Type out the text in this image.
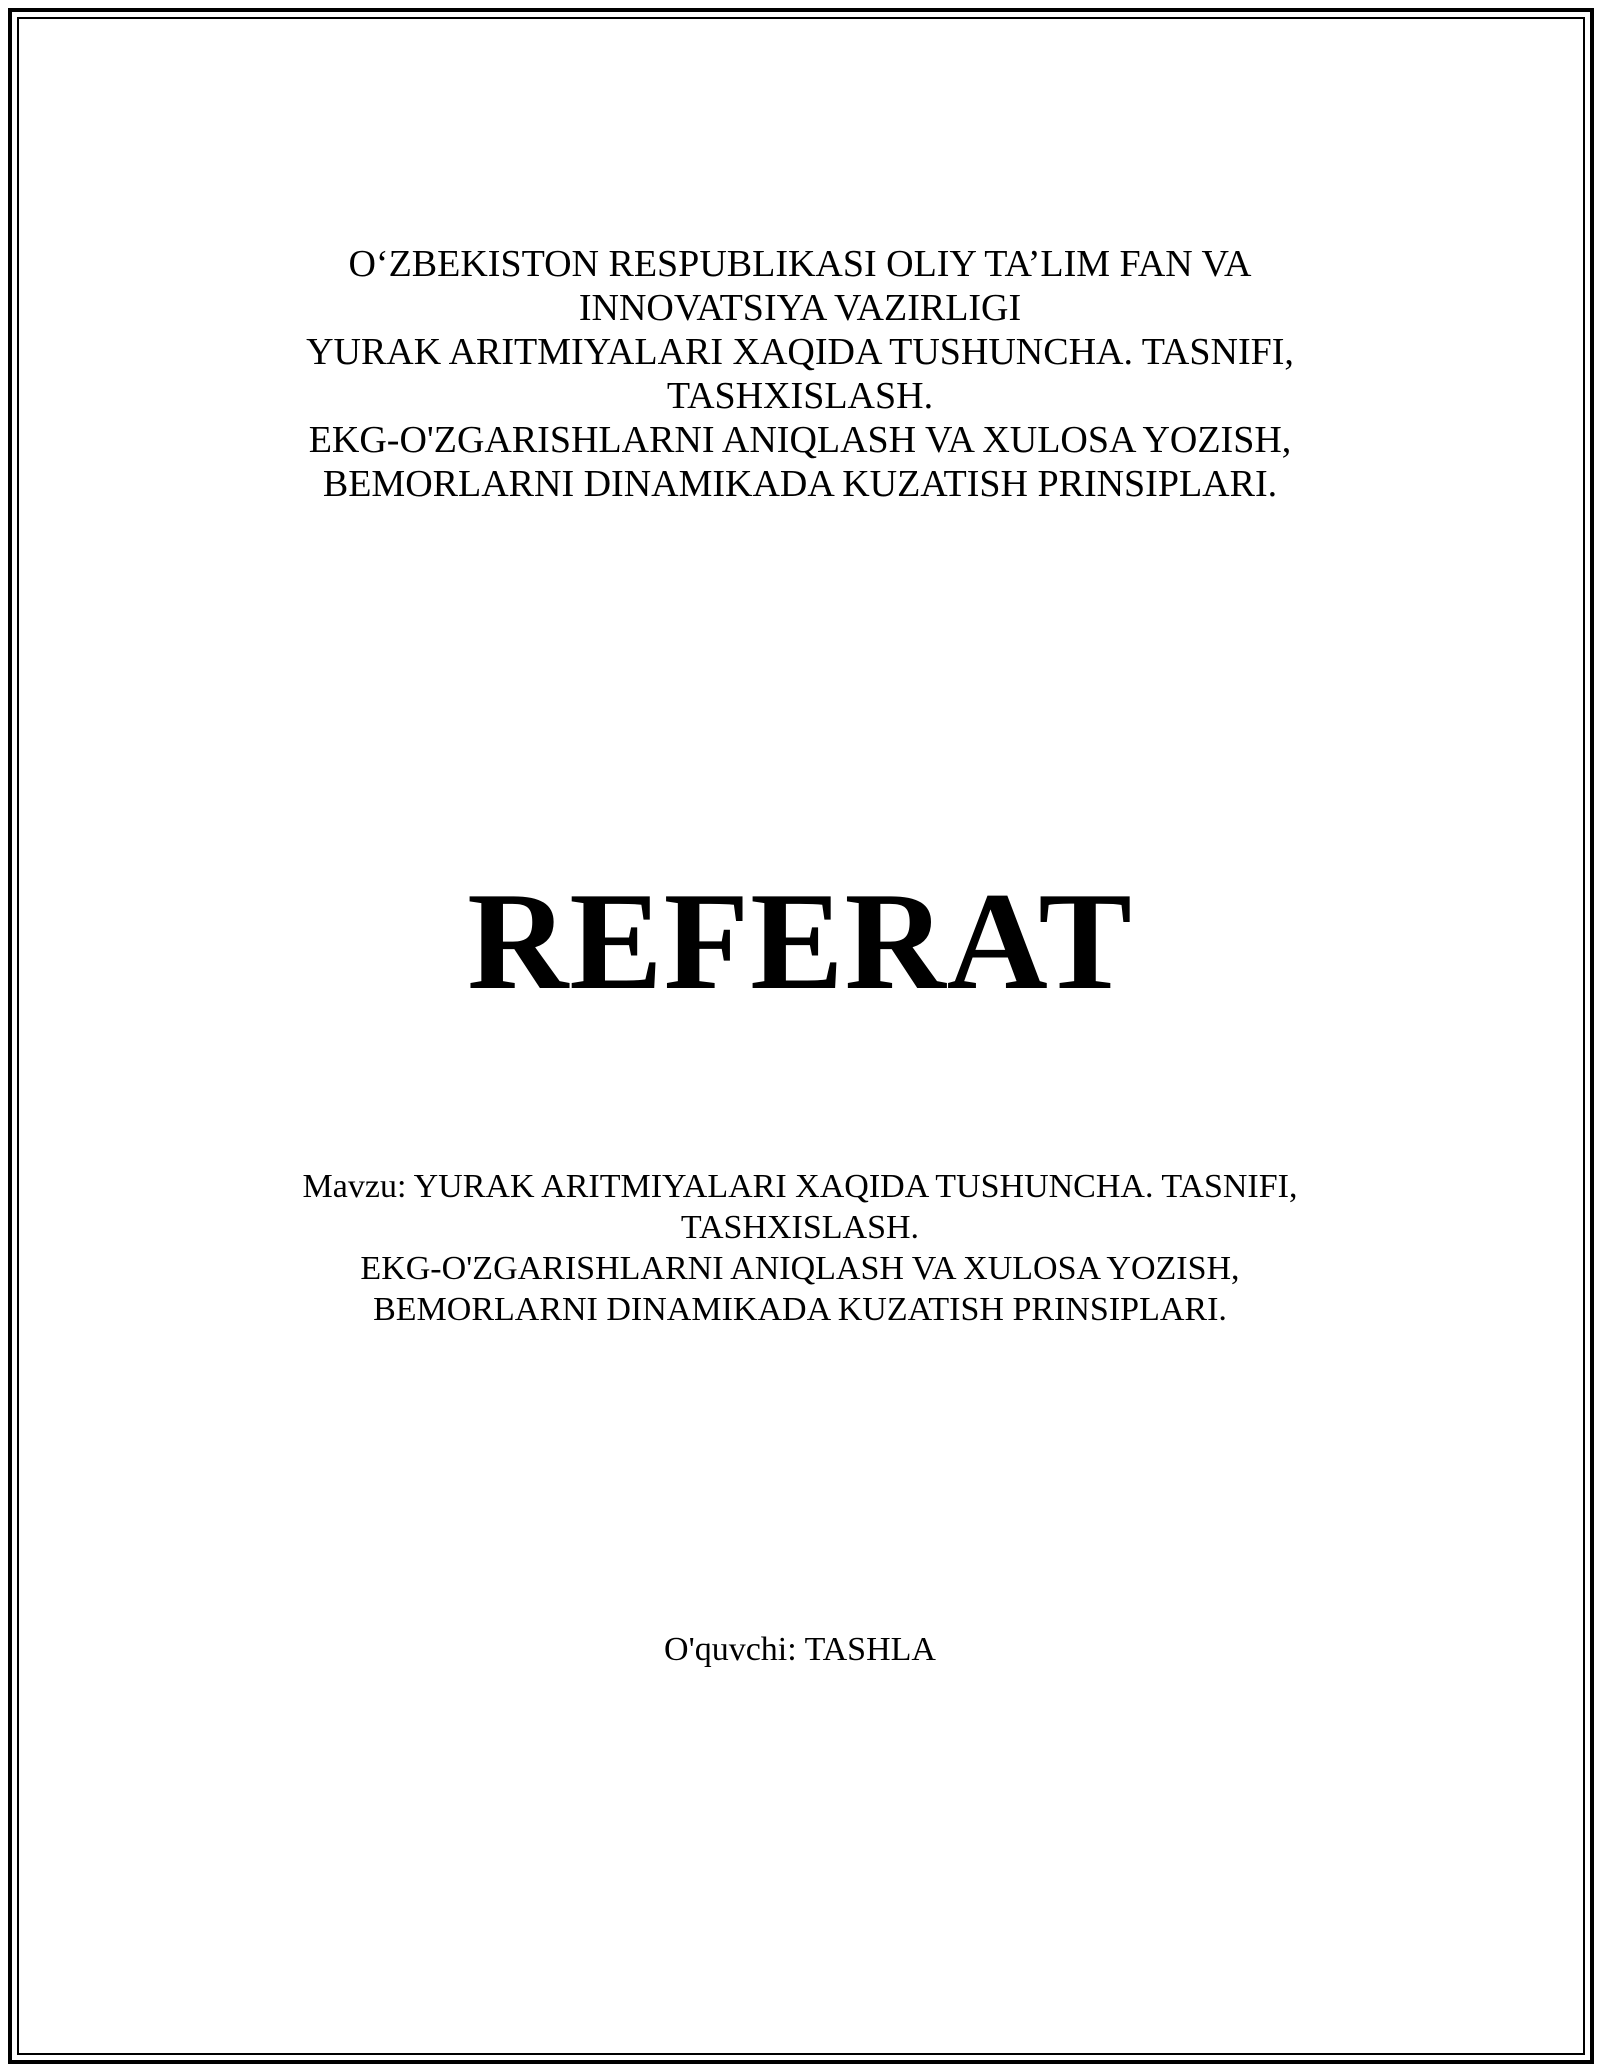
O‘ZBEKISTON RESPUBLIKASI OLIY TA’LIM FAN VA
INNOVATSIYA VAZIRLIGI
YURAK ARITMIYALARI XAQIDA TUSHUNCHA. TASNIFI,
TASHXISLASH.
EKG-O'ZGARISHLARNI ANIQLASH VA XULOSA YOZISH,
BEMORLARNI DINAMIKADA KUZATISH PRINSIPLARI.
REFERAT
Mavzu: YURAK ARITMIYALARI XAQIDA TUSHUNCHA. TASNIFI,
TASHXISLASH.
EKG-O'ZGARISHLARNI ANIQLASH VA XULOSA YOZISH,
BEMORLARNI DINAMIKADA KUZATISH PRINSIPLARI.
O'quvchi: TASHLA
